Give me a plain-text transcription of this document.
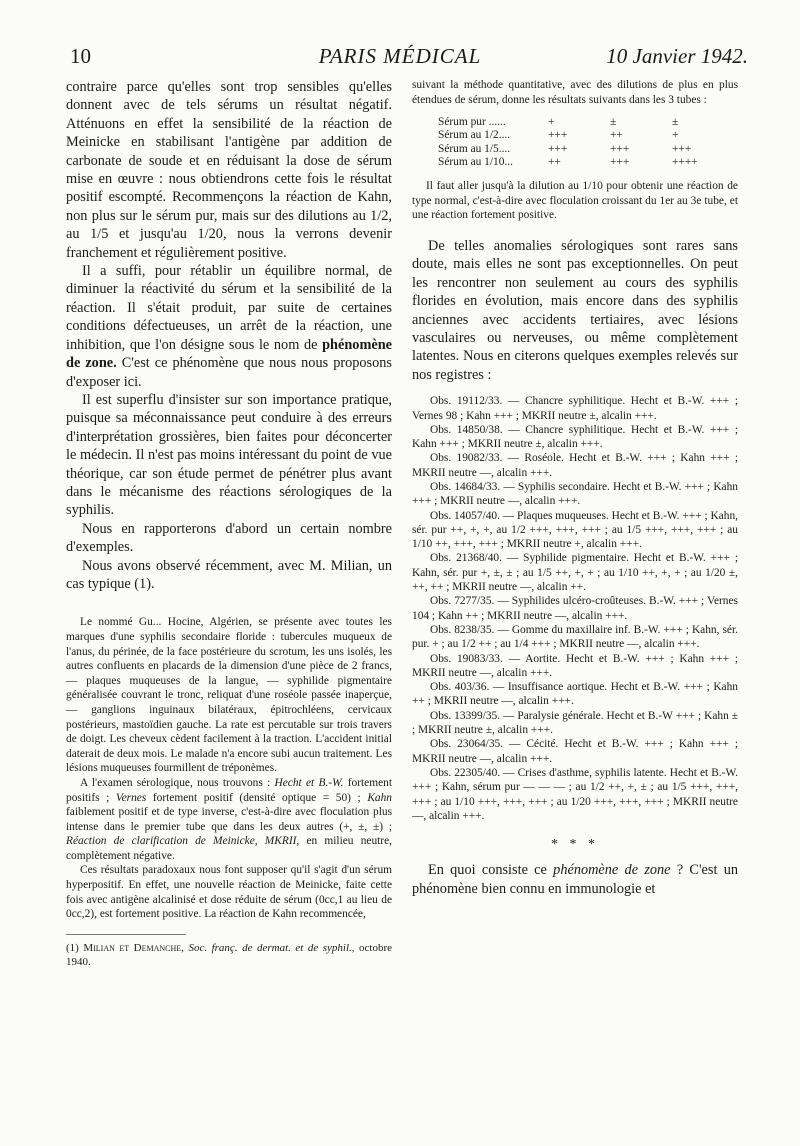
10	PARIS MÉDICAL	10 Janvier 1942.

contraire parce qu'elles sont trop sensibles qu'elles donnent avec de tels sérums un résultat négatif. Atténuons en effet la sensibilité de la réaction de Meinicke en stabilisant l'antigène par addition de carbonate de soude et en réduisant la dose de sérum mise en œuvre : nous obtiendrons cette fois le résultat positif escompté. Recommençons la réaction de Kahn, non plus sur le sérum pur, mais sur des dilutions au 1/2, au 1/5 et jusqu'au 1/20, nous la verrons devenir franchement et régulièrement positive.

Il a suffi, pour rétablir un équilibre normal, de diminuer la réactivité du sérum et la sensibilité de la réaction. Il s'était produit, par suite de certaines conditions défectueuses, un arrêt de la réaction, une inhibition, que l'on désigne sous le nom de phénomène de zone. C'est ce phénomène que nous nous proposons d'exposer ici.

Il est superflu d'insister sur son importance pratique, puisque sa méconnaissance peut conduire à des erreurs d'interprétation grossières, bien faites pour déconcerter le médecin. Il n'est pas moins intéressant du point de vue théorique, car son étude permet de pénétrer plus avant dans le mécanisme des réactions sérologiques de la syphilis.

Nous en rapporterons d'abord un certain nombre d'exemples.

Nous avons observé récemment, avec M. Milian, un cas typique (1).

Le nommé Gu... Hocine, Algérien, se présente avec toutes les marques d'une syphilis secondaire floride : tubercules muqueux de l'anus, du périnée, de la face postérieure du scrotum, les uns isolés, les autres confluents en placards de la dimension d'une pièce de 2 francs, — plaques muqueuses de la langue, — syphilide pigmentaire généralisée couvrant le tronc, reliquat d'une roséole passée inaperçue, — ganglions inguinaux bilatéraux, épitrochléens, cervicaux postérieurs, mastoïdien gauche. La rate est percutable sur trois travers de doigt. Les cheveux cèdent facilement à la traction. L'accident initial daterait de deux mois. Le malade n'a encore subi aucun traitement. Les lésions muqueuses fourmillent de tréponèmes.

A l'examen sérologique, nous trouvons : Hecht et B.-W. fortement positifs ; Vernes fortement positif (densité optique = 50) ; Kahn faiblement positif et de type inverse, c'est-à-dire avec floculation plus intense dans le premier tube que dans les deux autres (+, ±, ±) ; Réaction de clarification de Meinicke, MKRII, en milieu neutre, complètement négative.

Ces résultats paradoxaux nous font supposer qu'il s'agit d'un sérum hyperpositif. En effet, une nouvelle réaction de Meinicke, faite cette fois avec antigène alcalinisé et dose réduite de sérum (0cc,1 au lieu de 0cc,2), est fortement positive. La réaction de Kahn recommencée,

(1) Milian et Demanche, Soc. franç. de dermat. et de syphil., octobre 1940.

suivant la méthode quantitative, avec des dilutions de plus en plus étendues de sérum, donne les résultats suivants dans les 3 tubes :

Sérum pur ......	+	±	±
Sérum au 1/2....	+++	++	+
Sérum au 1/5....	+++	+++	+++
Sérum au 1/10...	++	+++	++++

Il faut aller jusqu'à la dilution au 1/10 pour obtenir une réaction de type normal, c'est-à-dire avec floculation croissant du 1er au 3e tube, et une réaction fortement positive.

De telles anomalies sérologiques sont rares sans doute, mais elles ne sont pas exceptionnelles. On peut les rencontrer non seulement au cours des syphilis florides en évolution, mais encore dans des syphilis anciennes avec accidents tertiaires, avec lésions vasculaires ou nerveuses, ou même complètement latentes. Nous en citerons quelques exemples relevés sur nos registres :

Obs. 19112/33. — Chancre syphilitique. Hecht et B.-W. +++ ; Vernes 98 ; Kahn +++ ; MKRII neutre ±, alcalin +++.

Obs. 14850/38. — Chancre syphilitique. Hecht et B.-W. +++ ; Kahn +++ ; MKRII neutre ±, alcalin +++.

Obs. 19082/33. — Roséole. Hecht et B.-W. +++ ; Kahn +++ ; MKRII neutre —, alcalin +++.

Obs. 14684/33. — Syphilis secondaire. Hecht et B.-W. +++ ; Kahn +++ ; MKRII neutre —, alcalin +++.

Obs. 14057/40. — Plaques muqueuses. Hecht et B.-W. +++ ; Kahn, sér. pur ++, +, +, au 1/2 +++, +++, +++ ; au 1/5 +++, +++, +++ ; au 1/10 ++, +++, +++ ; MKRII neutre +, alcalin +++.

Obs. 21368/40. — Syphilide pigmentaire. Hecht et B.-W. +++ ; Kahn, sér. pur +, ±, ± ; au 1/5 ++, +, + ; au 1/10 ++, +, + ; au 1/20 ±, ++, ++ ; MKRII neutre —, alcalin ++.

Obs. 7277/35. — Syphilides ulcéro-croûteuses. B.-W. +++ ; Vernes 104 ; Kahn ++ ; MKRII neutre —, alcalin +++.

Obs. 8238/35. — Gomme du maxillaire inf. B.-W. +++ ; Kahn, sér. pur. + ; au 1/2 ++ ; au 1/4 +++ ; MKRII neutre —, alcalin +++.

Obs. 19083/33. — Aortite. Hecht et B.-W. +++ ; Kahn +++ ; MKRII neutre —, alcalin +++.

Obs. 403/36. — Insuffisance aortique. Hecht et B.-W. +++ ; Kahn ++ ; MKRII neutre —, alcalin +++.

Obs. 13399/35. — Paralysie générale. Hecht et B.-W +++ ; Kahn ± ; MKRII neutre ±, alcalin +++.

Obs. 23064/35. — Cécité. Hecht et B.-W. +++ ; Kahn +++ ; MKRII neutre —, alcalin +++.

Obs. 22305/40. — Crises d'asthme, syphilis latente. Hecht et B.-W. +++ ; Kahn, sérum pur — — — ; au 1/2 ++, +, ± ; au 1/5 +++, +++, +++ ; au 1/10 +++, +++, +++ ; au 1/20 +++, +++, +++ ; MKRII neutre —, alcalin +++.

* * *

En quoi consiste ce phénomène de zone ? C'est un phénomène bien connu en immunologie et
